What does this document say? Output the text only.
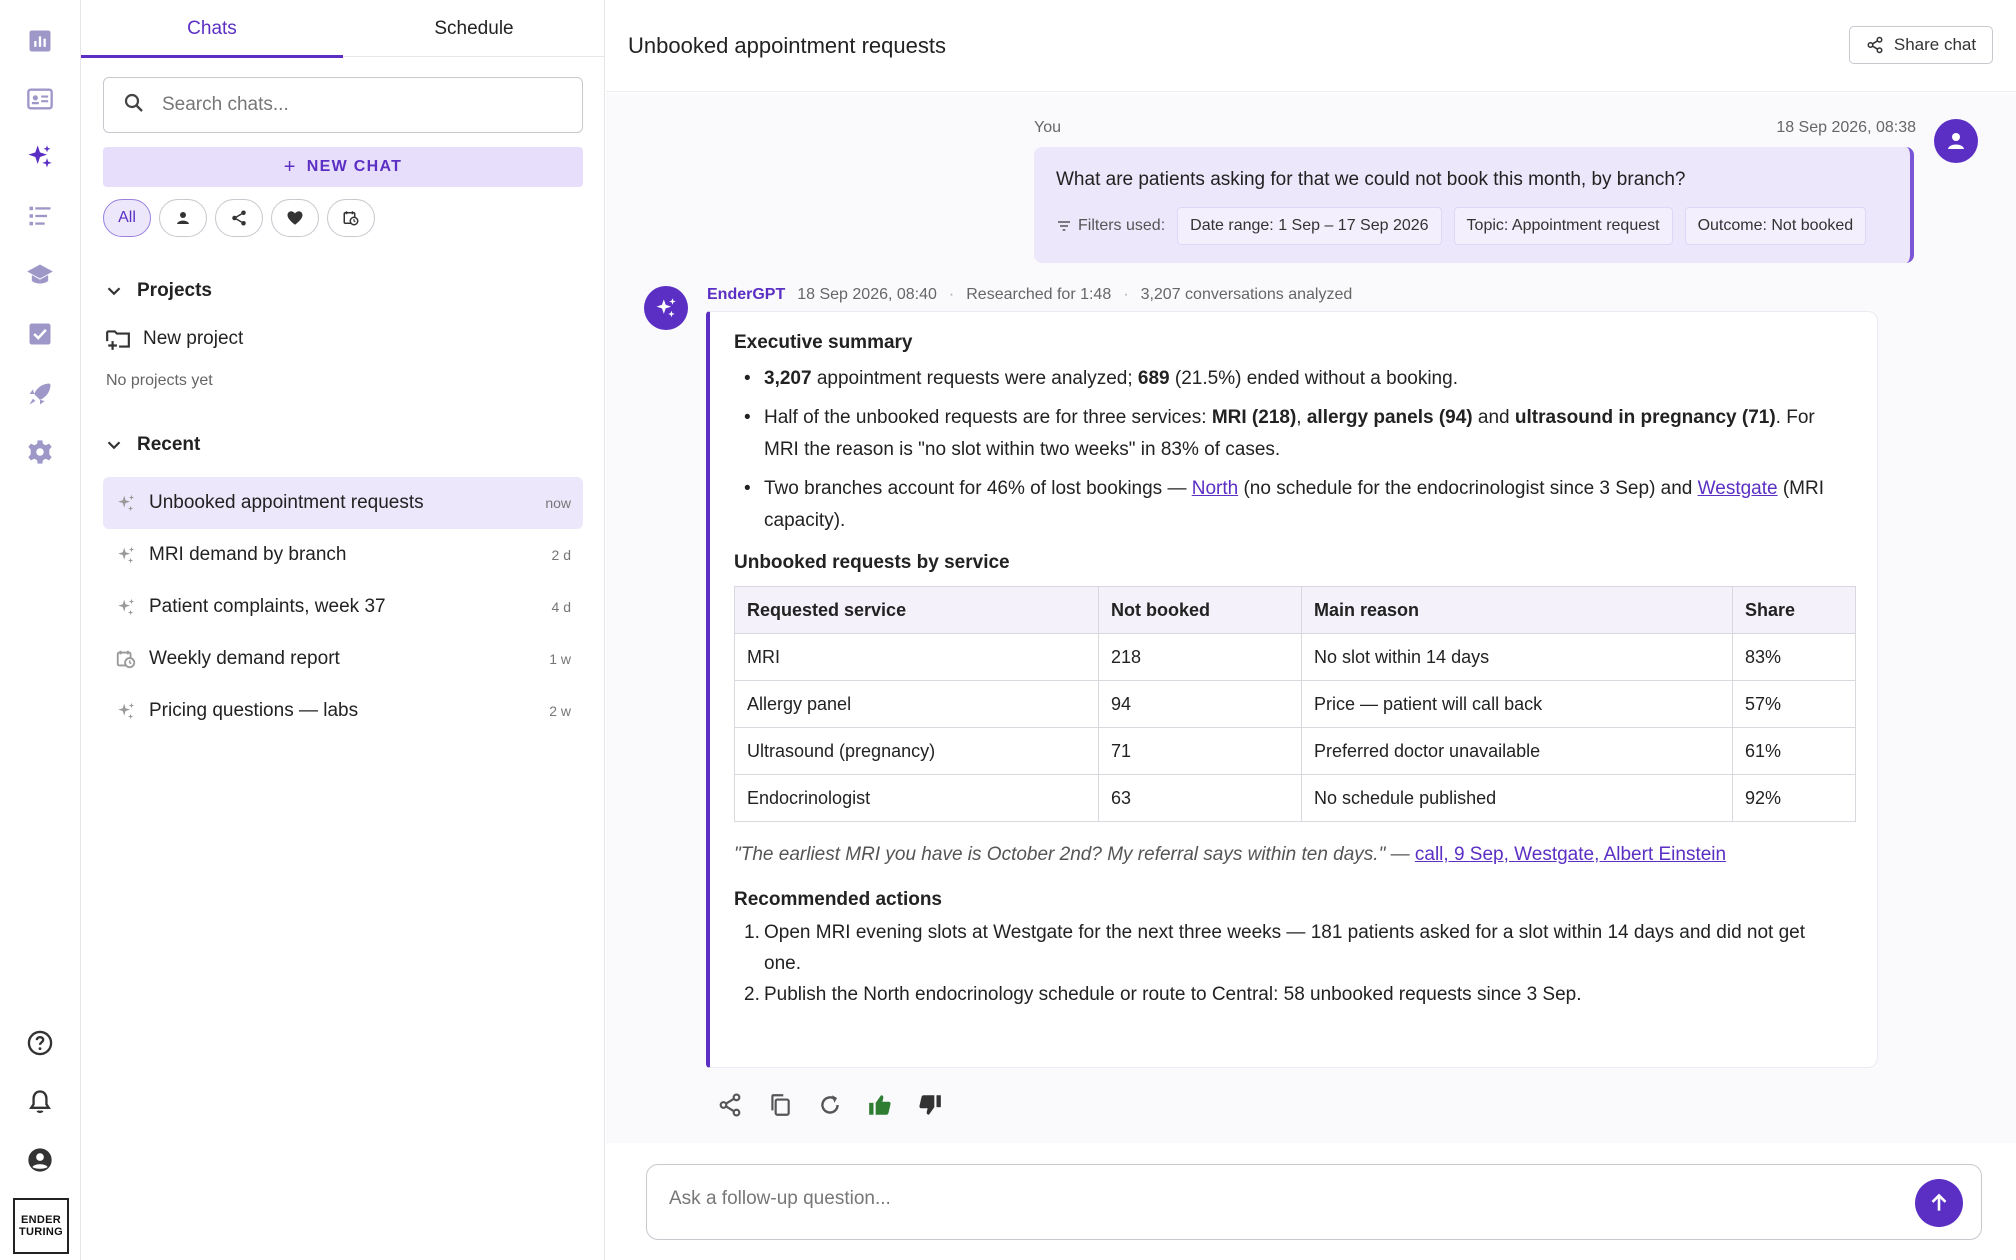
ENDER
TURING
Chats	Schedule
Search chats...
+ NEW CHAT
All
Projects
New project
No projects yet
Recent
Unbooked appointment requests	now
MRI demand by branch	2 d
Patient complaints, week 37	4 d
Weekly demand report	1 w
Pricing questions — labs	2 w
Unbooked appointment requests	Share chat
You	18 Sep 2026, 08:38
What are patients asking for that we could not book this month, by branch?
Filters used:	Date range: 1 Sep – 17 Sep 2026	Topic: Appointment request	Outcome: Not booked
EnderGPT 18 Sep 2026, 08:40 · Researched for 1:48 · 3,207 conversations analyzed
Executive summary
• 3,207 appointment requests were analyzed; 689 (21.5%) ended without a booking.
• Half of the unbooked requests are for three services: MRI (218), allergy panels (94) and ultrasound in pregnancy (71). For
MRI the reason is "no slot within two weeks" in 83% of cases.
• Two branches account for 46% of lost bookings — North (no schedule for the endocrinologist since 3 Sep) and Westgate (MRI
capacity).
Unbooked requests by service
Requested service	Not booked	Main reason	Share
MRI	218	No slot within 14 days	83%
Allergy panel	94	Price — patient will call back	57%
Ultrasound (pregnancy)	71	Preferred doctor unavailable	61%
Endocrinologist	63	No schedule published	92%
"The earliest MRI you have is October 2nd? My referral says within ten days." — call, 9 Sep, Westgate, Albert Einstein
Recommended actions
1. Open MRI evening slots at Westgate for the next three weeks — 181 patients asked for a slot within 14 days and did not get
one.
2. Publish the North endocrinology schedule or route to Central: 58 unbooked requests since 3 Sep.
Ask a follow-up question...
